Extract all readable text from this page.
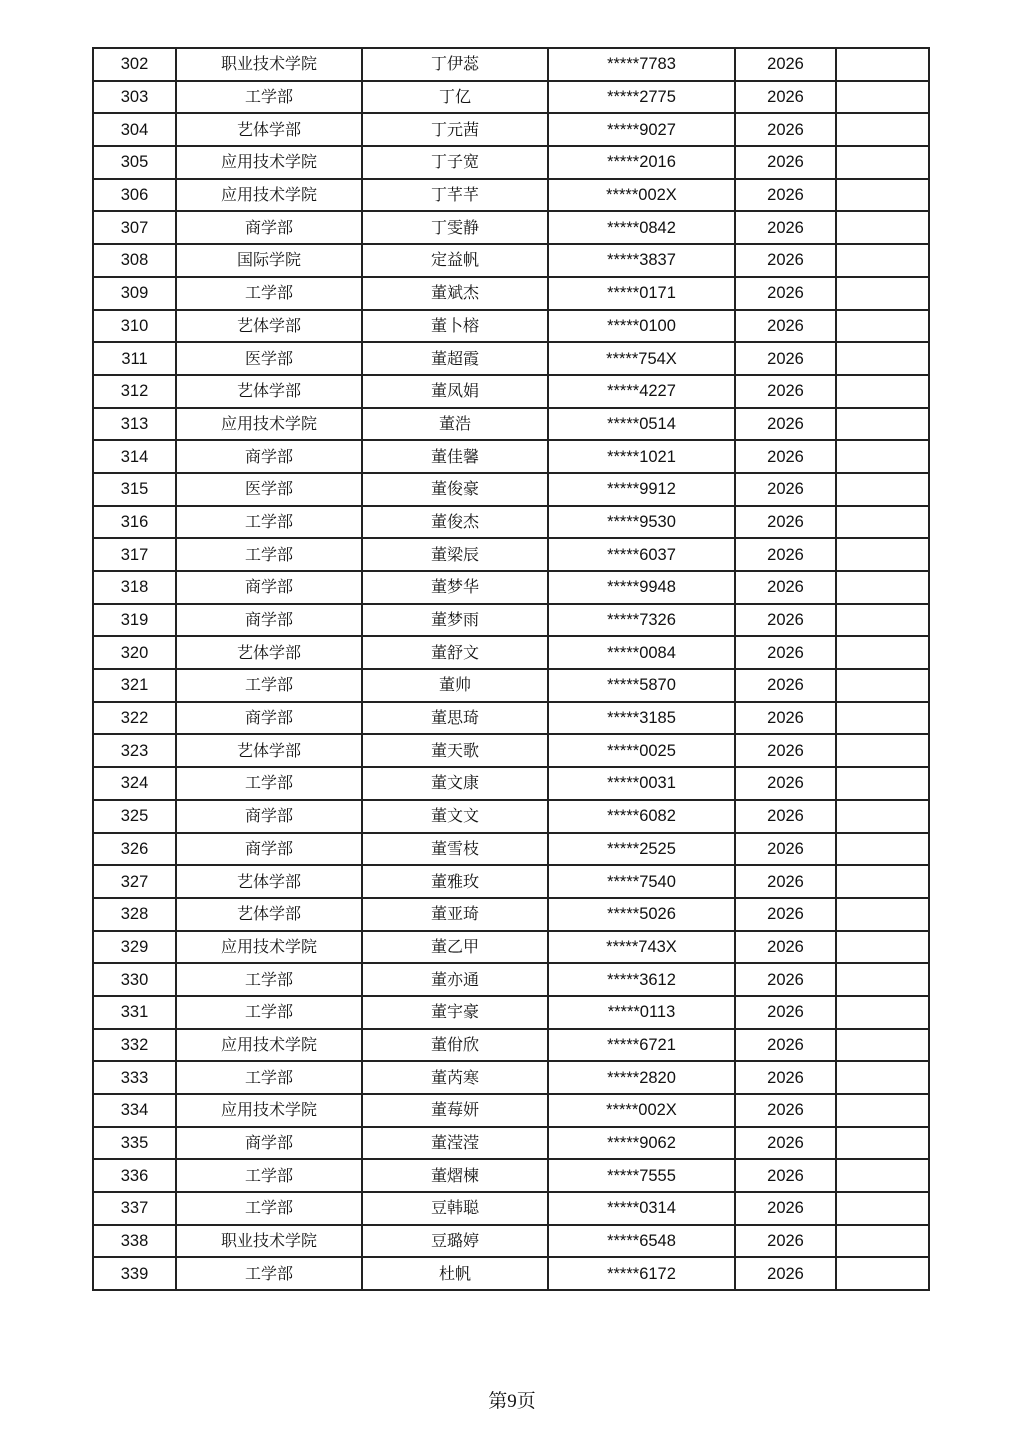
302	职业技术学院	丁伊蕊	*****7783	2026	
303	工学部	丁亿	*****2775	2026	
304	艺体学部	丁元茜	*****9027	2026	
305	应用技术学院	丁子宽	*****2016	2026	
306	应用技术学院	丁芊芊	*****002X	2026	
307	商学部	丁雯静	*****0842	2026	
308	国际学院	定益帆	*****3837	2026	
309	工学部	董斌杰	*****0171	2026	
310	艺体学部	董卜榕	*****0100	2026	
311	医学部	董超霞	*****754X	2026	
312	艺体学部	董凤娟	*****4227	2026	
313	应用技术学院	董浩	*****0514	2026	
314	商学部	董佳馨	*****1021	2026	
315	医学部	董俊豪	*****9912	2026	
316	工学部	董俊杰	*****9530	2026	
317	工学部	董梁辰	*****6037	2026	
318	商学部	董梦华	*****9948	2026	
319	商学部	董梦雨	*****7326	2026	
320	艺体学部	董舒文	*****0084	2026	
321	工学部	董帅	*****5870	2026	
322	商学部	董思琦	*****3185	2026	
323	艺体学部	董天歌	*****0025	2026	
324	工学部	董文康	*****0031	2026	
325	商学部	董文文	*****6082	2026	
326	商学部	董雪枝	*****2525	2026	
327	艺体学部	董雅玫	*****7540	2026	
328	艺体学部	董亚琦	*****5026	2026	
329	应用技术学院	董乙甲	*****743X	2026	
330	工学部	董亦通	*****3612	2026	
331	工学部	董宇豪	*****0113	2026	
332	应用技术学院	董佾欣	*****6721	2026	
333	工学部	董芮寒	*****2820	2026	
334	应用技术学院	董莓妍	*****002X	2026	
335	商学部	董滢滢	*****9062	2026	
336	工学部	董熠楝	*****7555	2026	
337	工学部	豆韩聪	*****0314	2026	
338	职业技术学院	豆璐婷	*****6548	2026	
339	工学部	杜帆	*****6172	2026	
第9页
